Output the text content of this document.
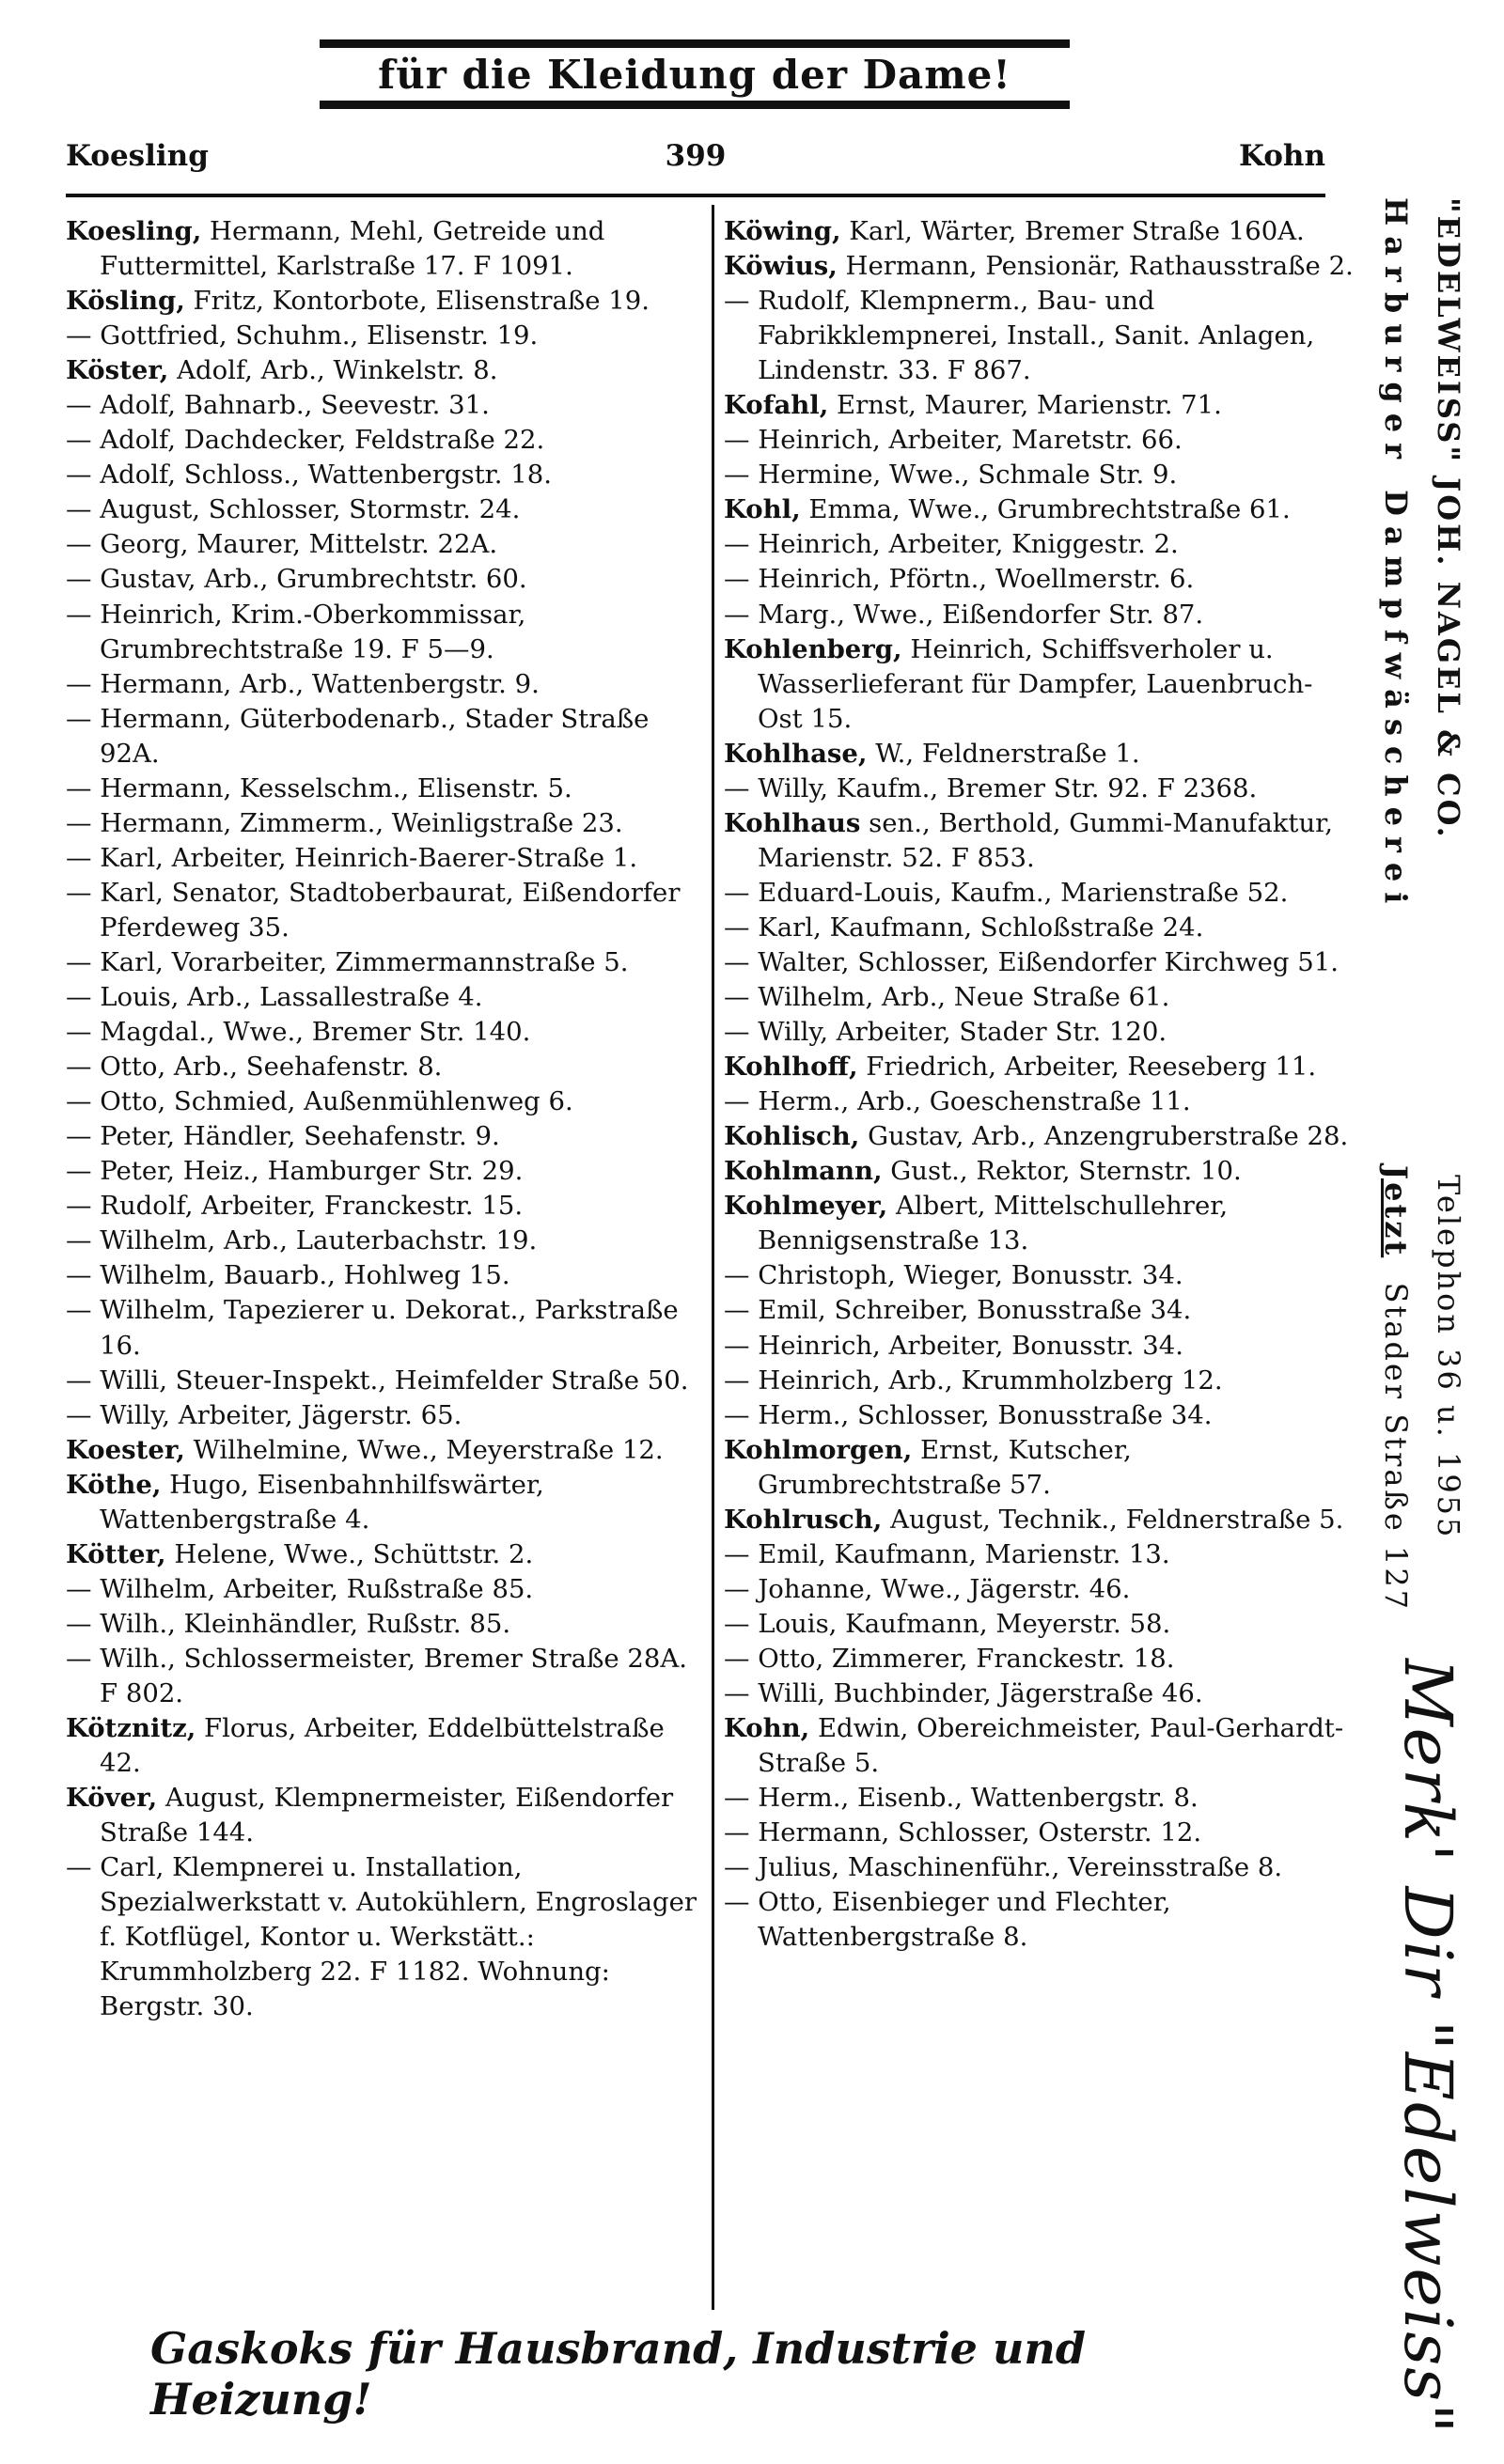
für die Kleidung der Dame!
Koesling	399	Kohn
Koesling, Hermann, Mehl, Getreide und Futtermittel, Karlstraße 17. F 1091.
Kösling, Fritz, Kontorbote, Elisenstraße 19.
— Gottfried, Schuhm., Elisenstr. 19.
Köster, Adolf, Arb., Winkelstr. 8.
— Adolf, Bahnarb., Seevestr. 31.
— Adolf, Dachdecker, Feldstraße 22.
— Adolf, Schloss., Wattenbergstr. 18.
— August, Schlosser, Stormstr. 24.
— Georg, Maurer, Mittelstr. 22A.
— Gustav, Arb., Grumbrechtstr. 60.
— Heinrich, Krim.-Oberkommissar, Grumbrechtstraße 19. F 5—9.
— Hermann, Arb., Wattenbergstr. 9.
— Hermann, Güterbodenarb., Stader Straße 92A.
— Hermann, Kesselschm., Elisenstr. 5.
— Hermann, Zimmerm., Weinligstraße 23.
— Karl, Arbeiter, Heinrich-Baerer-Straße 1.
— Karl, Senator, Stadtoberbaurat, Eißendorfer Pferdeweg 35.
— Karl, Vorarbeiter, Zimmermannstraße 5.
— Louis, Arb., Lassallestraße 4.
— Magdal., Wwe., Bremer Str. 140.
— Otto, Arb., Seehafenstr. 8.
— Otto, Schmied, Außenmühlenweg 6.
— Peter, Händler, Seehafenstr. 9.
— Peter, Heiz., Hamburger Str. 29.
— Rudolf, Arbeiter, Franckestr. 15.
— Wilhelm, Arb., Lauterbachstr. 19.
— Wilhelm, Bauarb., Hohlweg 15.
— Wilhelm, Tapezierer u. Dekorat., Parkstraße 16.
— Willi, Steuer-Inspekt., Heimfelder Straße 50.
— Willy, Arbeiter, Jägerstr. 65.
Koester, Wilhelmine, Wwe., Meyerstraße 12.
Köthe, Hugo, Eisenbahnhilfswärter, Wattenbergstraße 4.
Kötter, Helene, Wwe., Schüttstr. 2.
— Wilhelm, Arbeiter, Rußstraße 85.
— Wilh., Kleinhändler, Rußstr. 85.
— Wilh., Schlossermeister, Bremer Straße 28A. F 802.
Kötznitz, Florus, Arbeiter, Eddelbüttelstraße 42.
Köver, August, Klempnermeister, Eißendorfer Straße 144.
— Carl, Klempnerei u. Installation, Spezialwerkstatt v. Autokühlern, Engroslager f. Kotflügel, Kontor u. Werkstätt.: Krummholzberg 22. F 1182. Wohnung: Bergstr. 30.
Köwing, Karl, Wärter, Bremer Straße 160A.
Köwius, Hermann, Pensionär, Rathausstraße 2.
— Rudolf, Klempnerm., Bau- und Fabrikklempnerei, Install., Sanit. Anlagen, Lindenstr. 33. F 867.
Kofahl, Ernst, Maurer, Marienstr. 71.
— Heinrich, Arbeiter, Maretstr. 66.
— Hermine, Wwe., Schmale Str. 9.
Kohl, Emma, Wwe., Grumbrechtstraße 61.
— Heinrich, Arbeiter, Kniggestr. 2.
— Heinrich, Pförtn., Woellmerstr. 6.
— Marg., Wwe., Eißendorfer Str. 87.
Kohlenberg, Heinrich, Schiffsverholer u. Wasserlieferant für Dampfer, Lauenbruch-Ost 15.
Kohlhase, W., Feldnerstraße 1.
— Willy, Kaufm., Bremer Str. 92. F 2368.
Kohlhaus sen., Berthold, Gummi-Manufaktur, Marienstr. 52. F 853.
— Eduard-Louis, Kaufm., Marienstraße 52.
— Karl, Kaufmann, Schloßstraße 24.
— Walter, Schlosser, Eißendorfer Kirchweg 51.
— Wilhelm, Arb., Neue Straße 61.
— Willy, Arbeiter, Stader Str. 120.
Kohlhoff, Friedrich, Arbeiter, Reeseberg 11.
— Herm., Arb., Goeschenstraße 11.
Kohlisch, Gustav, Arb., Anzengruberstraße 28.
Kohlmann, Gust., Rektor, Sternstr. 10.
Kohlmeyer, Albert, Mittelschullehrer, Bennigsenstraße 13.
— Christoph, Wieger, Bonusstr. 34.
— Emil, Schreiber, Bonusstraße 34.
— Heinrich, Arbeiter, Bonusstr. 34.
— Heinrich, Arb., Krummholzberg 12.
— Herm., Schlosser, Bonusstraße 34.
Kohlmorgen, Ernst, Kutscher, Grumbrechtstraße 57.
Kohlrusch, August, Technik., Feldnerstraße 5.
— Emil, Kaufmann, Marienstr. 13.
— Johanne, Wwe., Jägerstr. 46.
— Louis, Kaufmann, Meyerstr. 58.
— Otto, Zimmerer, Franckestr. 18.
— Willi, Buchbinder, Jägerstraße 46.
Kohn, Edwin, Obereichmeister, Paul-Gerhardt-Straße 5.
— Herm., Eisenb., Wattenbergstr. 8.
— Hermann, Schlosser, Osterstr. 12.
— Julius, Maschinenführ., Vereinsstraße 8.
— Otto, Eisenbieger und Flechter, Wattenbergstraße 8.
Harburger Dampfwäscherei "EDELWEISS" JOH. NAGEL & CO.
Jetzt  Stader Straße 127 Telephon 36 u. 1955
Merk' Dir "Edelweiss"
Gaskoks für Hausbrand, Industrie und Heizung!
